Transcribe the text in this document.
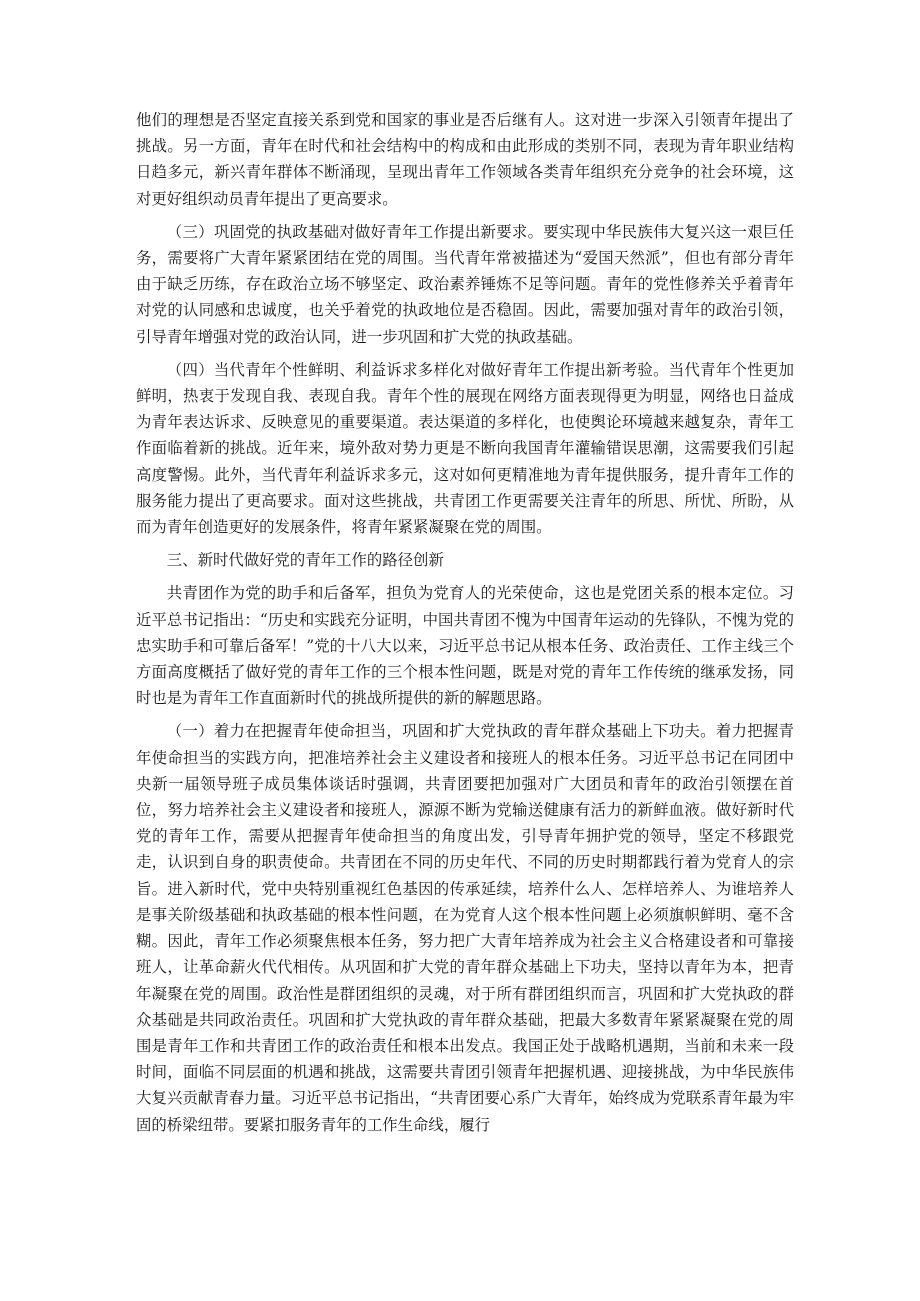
他们的理想是否坚定直接关系到党和国家的事业是否后继有人。这对进一步深入引领青年提出了挑战。另一方面，青年在时代和社会结构中的构成和由此形成的类别不同，表现为青年职业结构日趋多元，新兴青年群体不断涌现，呈现出青年工作领域各类青年组织充分竞争的社会环境，这对更好组织动员青年提出了更高要求。

（三）巩固党的执政基础对做好青年工作提出新要求。要实现中华民族伟大复兴这一艰巨任务，需要将广大青年紧紧团结在党的周围。当代青年常被描述为“爱国天然派”，但也有部分青年由于缺乏历练，存在政治立场不够坚定、政治素养锤炼不足等问题。青年的党性修养关乎着青年对党的认同感和忠诚度，也关乎着党的执政地位是否稳固。因此，需要加强对青年的政治引领，引导青年增强对党的政治认同，进一步巩固和扩大党的执政基础。

（四）当代青年个性鲜明、利益诉求多样化对做好青年工作提出新考验。当代青年个性更加鲜明，热衷于发现自我、表现自我。青年个性的展现在网络方面表现得更为明显，网络也日益成为青年表达诉求、反映意见的重要渠道。表达渠道的多样化，也使舆论环境越来越复杂，青年工作面临着新的挑战。近年来，境外敌对势力更是不断向我国青年灌输错误思潮，这需要我们引起高度警惕。此外，当代青年利益诉求多元，这对如何更精准地为青年提供服务，提升青年工作的服务能力提出了更高要求。面对这些挑战，共青团工作更需要关注青年的所思、所忧、所盼，从而为青年创造更好的发展条件，将青年紧紧凝聚在党的周围。

三、新时代做好党的青年工作的路径创新

共青团作为党的助手和后备军，担负为党育人的光荣使命，这也是党团关系的根本定位。习近平总书记指出：“历史和实践充分证明，中国共青团不愧为中国青年运动的先锋队，不愧为党的忠实助手和可靠后备军！”党的十八大以来，习近平总书记从根本任务、政治责任、工作主线三个方面高度概括了做好党的青年工作的三个根本性问题，既是对党的青年工作传统的继承发扬，同时也是为青年工作直面新时代的挑战所提供的新的解题思路。

（一）着力在把握青年使命担当，巩固和扩大党执政的青年群众基础上下功夫。着力把握青年使命担当的实践方向，把准培养社会主义建设者和接班人的根本任务。习近平总书记在同团中央新一届领导班子成员集体谈话时强调，共青团要把加强对广大团员和青年的政治引领摆在首位，努力培养社会主义建设者和接班人，源源不断为党输送健康有活力的新鲜血液。做好新时代党的青年工作，需要从把握青年使命担当的角度出发，引导青年拥护党的领导，坚定不移跟党走，认识到自身的职责使命。共青团在不同的历史年代、不同的历史时期都践行着为党育人的宗旨。进入新时代，党中央特别重视红色基因的传承延续，培养什么人、怎样培养人、为谁培养人是事关阶级基础和执政基础的根本性问题，在为党育人这个根本性问题上必须旗帜鲜明、毫不含糊。因此，青年工作必须聚焦根本任务，努力把广大青年培养成为社会主义合格建设者和可靠接班人，让革命薪火代代相传。从巩固和扩大党的青年群众基础上下功夫，坚持以青年为本，把青年凝聚在党的周围。政治性是群团组织的灵魂，对于所有群团组织而言，巩固和扩大党执政的群众基础是共同政治责任。巩固和扩大党执政的青年群众基础，把最大多数青年紧紧凝聚在党的周围是青年工作和共青团工作的政治责任和根本出发点。我国正处于战略机遇期，当前和未来一段时间，面临不同层面的机遇和挑战，这需要共青团引领青年把握机遇、迎接挑战，为中华民族伟大复兴贡献青春力量。习近平总书记指出，“共青团要心系广大青年，始终成为党联系青年最为牢固的桥梁纽带。要紧扣服务青年的工作生命线，履行
